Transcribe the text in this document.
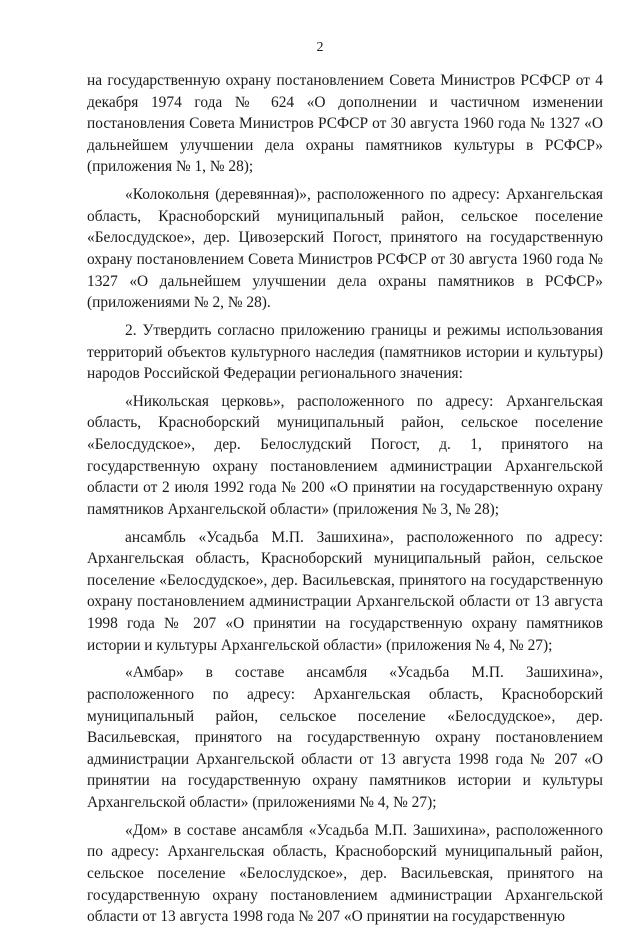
2

на государственную охрану постановлением Совета Министров РСФСР от 4 декабря 1974 года № 624 «О дополнении и частичном изменении постановления Совета Министров РСФСР от 30 августа 1960 года № 1327 «О дальнейшем улучшении дела охраны памятников культуры в РСФСР» (приложения № 1, № 28);

«Колокольня (деревянная)», расположенного по адресу: Архангельская область, Красноборский муниципальный район, сельское поселение «Белосдудское», дер. Цивозерский Погост, принятого на государственную охрану постановлением Совета Министров РСФСР от 30 августа 1960 года № 1327 «О дальнейшем улучшении дела охраны памятников в РСФСР» (приложениями № 2, № 28).

2. Утвердить согласно приложению границы и режимы использования территорий объектов культурного наследия (памятников истории и культуры) народов Российской Федерации регионального значения:

«Никольская церковь», расположенного по адресу: Архангельская область, Красноборский муниципальный район, сельское поселение «Белосдудское», дер. Белослудский Погост, д. 1, принятого на государственную охрану постановлением администрации Архангельской области от 2 июля 1992 года № 200 «О принятии на государственную охрану памятников Архангельской области» (приложения № 3, № 28);

ансамбль «Усадьба М.П. Зашихина», расположенного по адресу: Архангельская область, Красноборский муниципальный район, сельское поселение «Белосдудское», дер. Васильевская, принятого на государственную охрану постановлением администрации Архангельской области от 13 августа 1998 года № 207 «О принятии на государственную охрану памятников истории и культуры Архангельской области» (приложения № 4, № 27);

«Амбар» в составе ансамбля «Усадьба М.П. Зашихина», расположенного по адресу: Архангельская область, Красноборский муниципальный район, сельское поселение «Белосдудское», дер. Васильевская, принятого на государственную охрану постановлением администрации Архангельской области от 13 августа 1998 года № 207 «О принятии на государственную охрану памятников истории и культуры Архангельской области» (приложениями № 4, № 27);

«Дом» в составе ансамбля «Усадьба М.П. Зашихина», расположенного по адресу: Архангельская область, Красноборский муниципальный район, сельское поселение «Белослудское», дер. Васильевская, принятого на государственную охрану постановлением администрации Архангельской области от 13 августа 1998 года № 207 «О принятии на государственную
